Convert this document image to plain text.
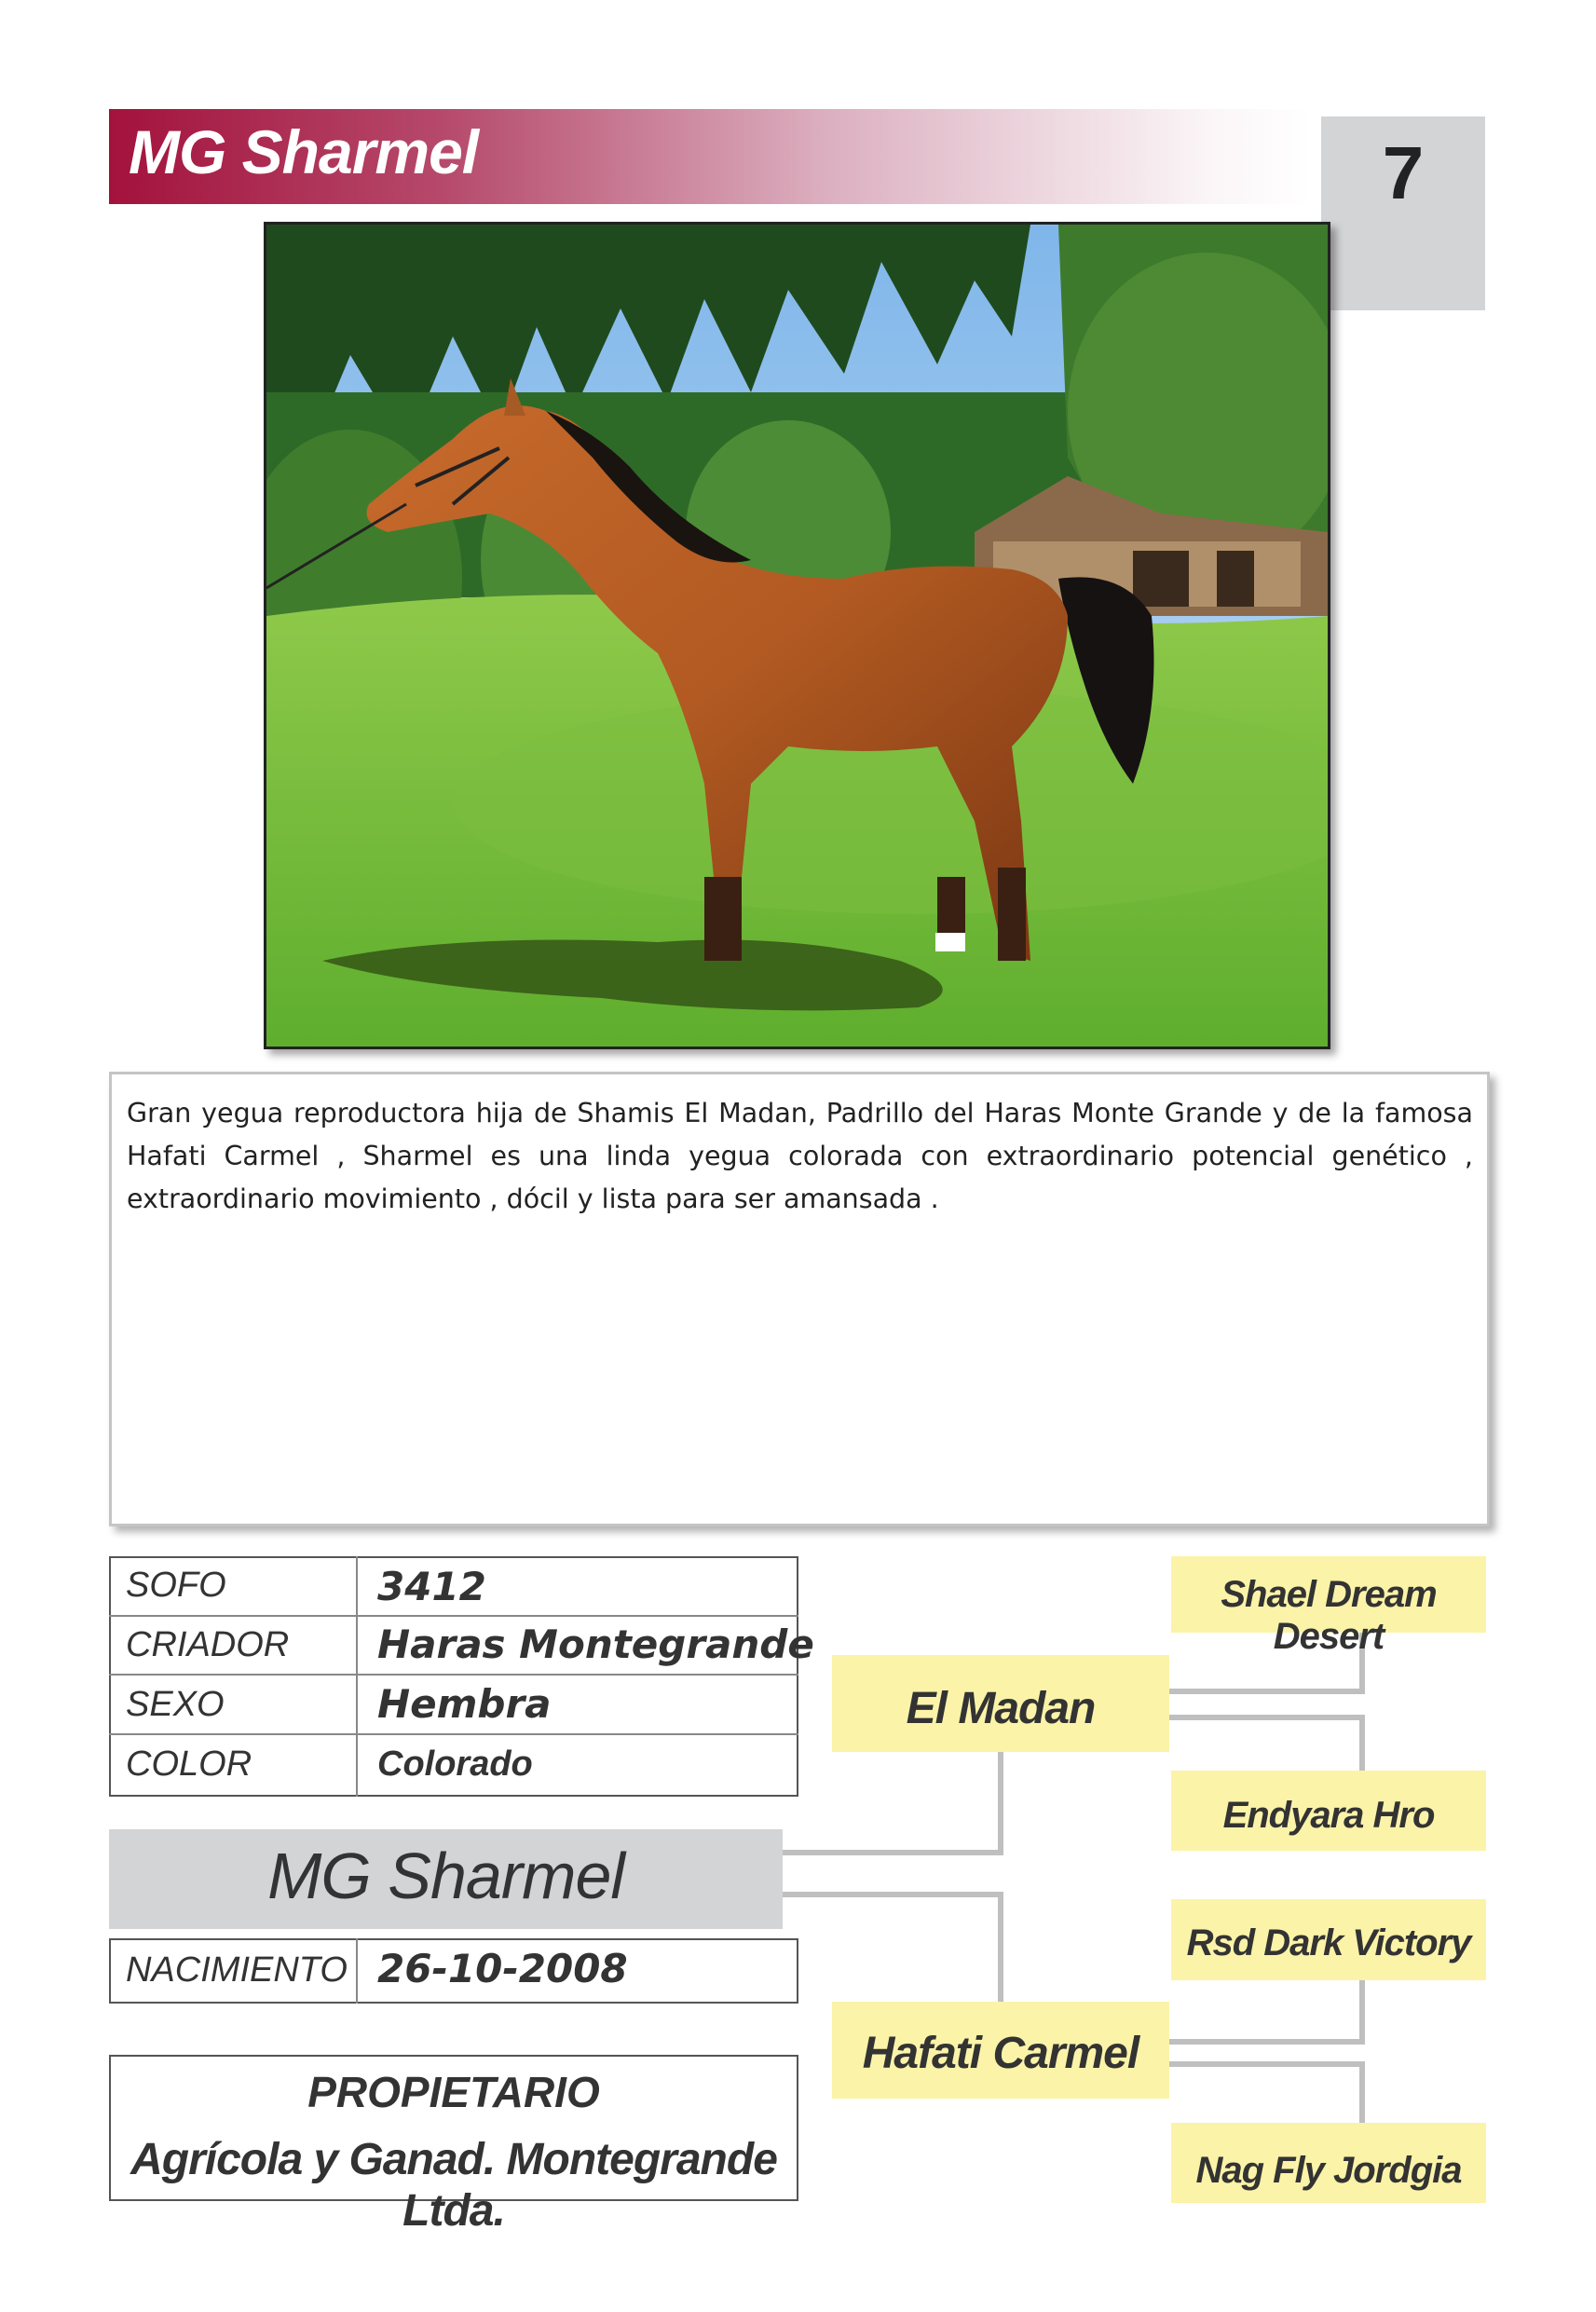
MG Sharmel	7
Gran yegua reproductora hija de Shamis El Madan, Padrillo del Haras Monte Grande y de la famosa Hafati Carmel , Sharmel es una linda yegua colorada con extraordinario potencial genético , extraordinario movimiento , dócil y lista para ser amansada .
SOFO	3412
CRIADOR Haras Montegrande
SEXO	Hembra
COLOR	Colorado
MG Sharmel
NACIMIENTO 26-10-2008
PROPIETARIO
Agrícola y Ganad. Montegrande Ltda.
El Madan
Hafati Carmel
Shael Dream Desert
Endyara Hro
Rsd Dark Victory
Nag Fly Jordgia
